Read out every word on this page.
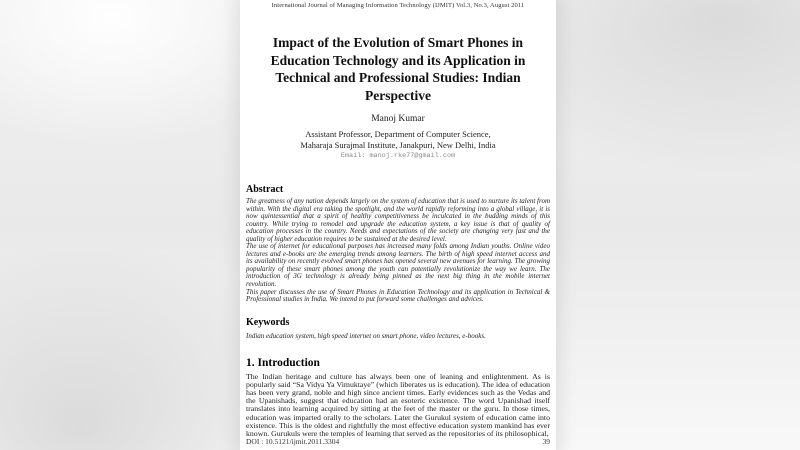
International Journal of Managing Information Technology (IJMIT) Vol.3, No.3, August 2011
Impact of the Evolution of Smart Phones in Education Technology and its Application in Technical and Professional Studies: Indian Perspective
Manoj Kumar
Assistant Professor, Department of Computer Science,
Maharaja Surajmal Institute, Janakpuri, New Delhi, India
Email: manoj.rke77@gmail.com
Abstract

The greatness of any nation depends largely on the system of education that is used to nurture its talent from within. With the digital era taking the spotlight, and the world rapidly reforming into a global village, it is now quintessential that a spirit of healthy competitiveness be inculcated in the budding minds of this country. While trying to remodel and upgrade the education system, a key issue is that of quality of education processes in the country. Needs and expectations of the society are changing very fast and the quality of higher education requires to be sustained at the desired level.

The use of internet for educational purposes has increased many folds among Indian youths. Online video lectures and e-books are the emerging trends among learners. The birth of high speed internet access and its availability on recently evolved smart phones has opened several new avenues for learning. The growing popularity of these smart phones among the youth can potentially revolutionize the way we learn. The introduction of 3G technology is already being pinned as the next big thing in the mobile internet revolution.

This paper discusses the use of Smart Phones in Education Technology and its application in Technical & Professional studies in India. We intend to put forward some challenges and advices.

Keywords
Indian education system, high speed internet on smart phone, video lectures, e-books.
1. Introduction

The Indian heritage and culture has always been one of leaning and enlightenment. As is popularly said “Sa Vidya Ya Vimuktaye” (which liberates us is education). The idea of education has been very grand, noble and high since ancient times. Early evidences such as the Vedas and the Upanishads, suggest that education had an esoteric existence. The word Upanishad itself translates into learning acquired by sitting at the feet of the master or the guru. In those times, education was imparted orally to the scholars. Later the Gurukul system of education came into existence. This is the oldest and rightfully the most effective education system mankind has ever known. Gurukuls were the temples of learning that served as the repositories of its philosophical,

DOI : 10.5121/ijmit.2011.3304	39
